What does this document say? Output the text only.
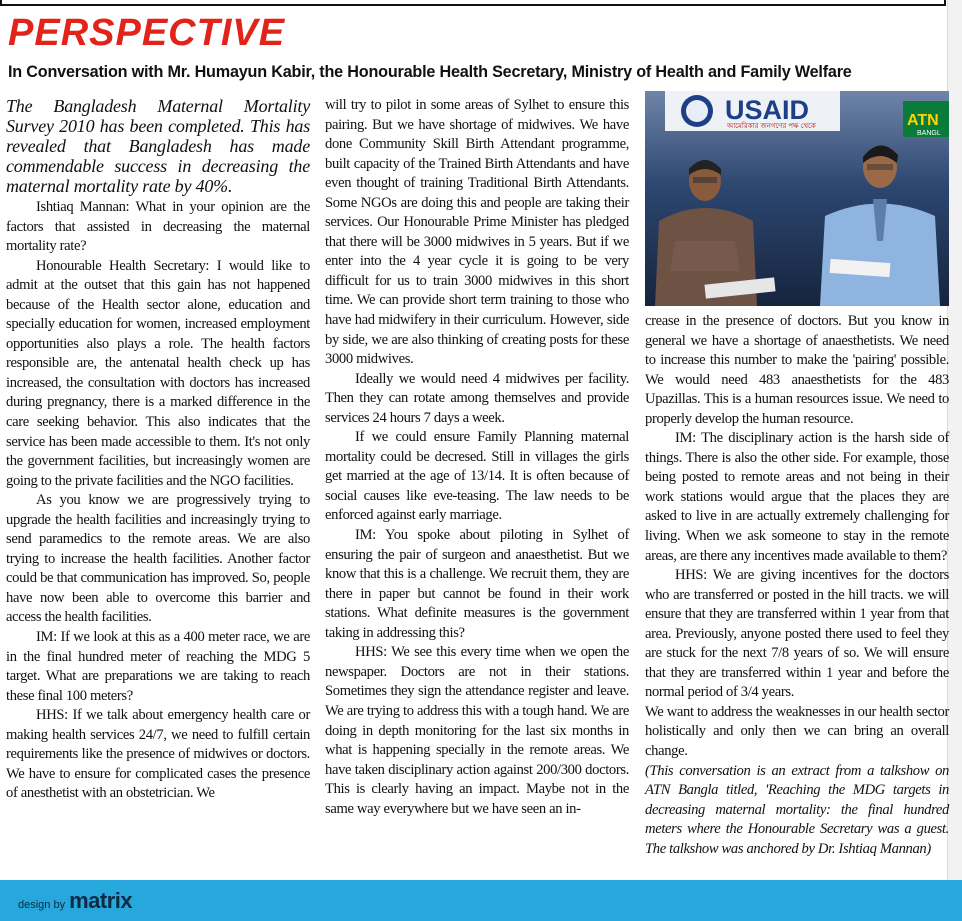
PERSPECTIVE
In Conversation with Mr. Humayun Kabir, the Honourable Health Secretary, Ministry of Health and Family Welfare

The Bangladesh Maternal Mortality Survey 2010 has been completed. This has revealed that Bangladesh has made commendable success in decreasing the maternal mortality rate by 40%.

Ishtiaq Mannan: What in your opinion are the factors that assisted in decreasing the maternal mortality rate?

Honourable Health Secretary: I would like to admit at the outset that this gain has not happened because of the Health sector alone, education and specially education for women, increased employment opportunities also plays a role. The health factors responsible are, the antenatal health check up has increased, the consultation with doctors has increased during pregnancy, there is a marked difference in the care seeking behavior. This also indicates that the service has been made accessible to them. It's not only the government facilities, but increasingly women are going to the private facilities and the NGO facilities.

As you know we are progressively trying to upgrade the health facilities and increasingly trying to send paramedics to the remote areas. We are also trying to increase the health facilities. Another factor could be that communication has improved. So, people have now been able to overcome this barrier and access the health facilities.

IM: If we look at this as a 400 meter race, we are in the final hundred meter of reaching the MDG 5 target. What are preparations we are taking to reach these final 100 meters?

HHS: If we talk about emergency health care or making health services 24/7, we need to fulfill certain requirements like the presence of midwives or doctors. We have to ensure for complicated cases the presence of anesthetist with an obstetrician. We

will try to pilot in some areas of Sylhet to ensure this pairing. But we have shortage of midwives. We have done Community Skill Birth Attendant programme, built capacity of the Trained Birth Attendants and have even thought of training Traditional Birth Attendants. Some NGOs are doing this and people are taking their services. Our Honourable Prime Minister has pledged that there will be 3000 midwives in 5 years. But if we enter into the 4 year cycle it is going to be very difficult for us to train 3000 midwives in this short time. We can provide short term training to those who have had midwifery in their curriculum. However, side by side, we are also thinking of creating posts for these 3000 midwives.

Ideally we would need 4 midwives per facility. Then they can rotate among themselves and provide services 24 hours 7 days a week.

If we could ensure Family Planning maternal mortality could be decresed. Still in villages the girls get married at the age of 13/14. It is often because of social causes like eve-teasing. The law needs to be enforced against early marriage.

IM: You spoke about piloting in Sylhet of ensuring the pair of surgeon and anaesthetist. But we know that this is a challenge. We recruit them, they are there in paper but cannot be found in their work stations. What definite measures is the government taking in addressing this?

HHS: We see this every time when we open the newspaper. Doctors are not in their stations. Sometimes they sign the attendance register and leave. We are trying to address this with a tough hand. We are doing in depth monitoring for the last six months in what is happening specially in the remote areas. We have taken disciplinary action against 200/300 doctors. This is clearly having an impact. Maybe not in the same way everywhere but we have seen an in-

USAID
আমেরিকার জনগণের পক্ষ থেকে	ATN
BANGL

crease in the presence of doctors. But you know in general we have a shortage of anaesthetists. We need to increase this number to make the 'pairing' possible. We would need 483 anaesthetists for the 483 Upazillas. This is a human resources issue. We need to properly develop the human resource.

IM: The disciplinary action is the harsh side of things. There is also the other side. For example, those being posted to remote areas and not being in their work stations would argue that the places they are asked to live in are actually extremely challenging for living. When we ask someone to stay in the remote areas, are there any incentives made available to them?

HHS: We are giving incentives for the doctors who are transferred or posted in the hill tracts. we will ensure that they are transferred within 1 year from that area. Previously, anyone posted there used to feel they are stuck for the next 7/8 years of so. We will ensure that they are transferred within 1 year and before the normal period of 3/4 years.

We want to address the weaknesses in our health sector holistically and only then we can bring an overall change.

(This conversation is an extract from a talkshow on ATN Bangla titled, 'Reaching the MDG targets in decreasing maternal mortality: the final hundred meters where the Honourable Secretary was a guest. The talkshow was anchored by Dr. Ishtiaq Mannan)

design by matrix
